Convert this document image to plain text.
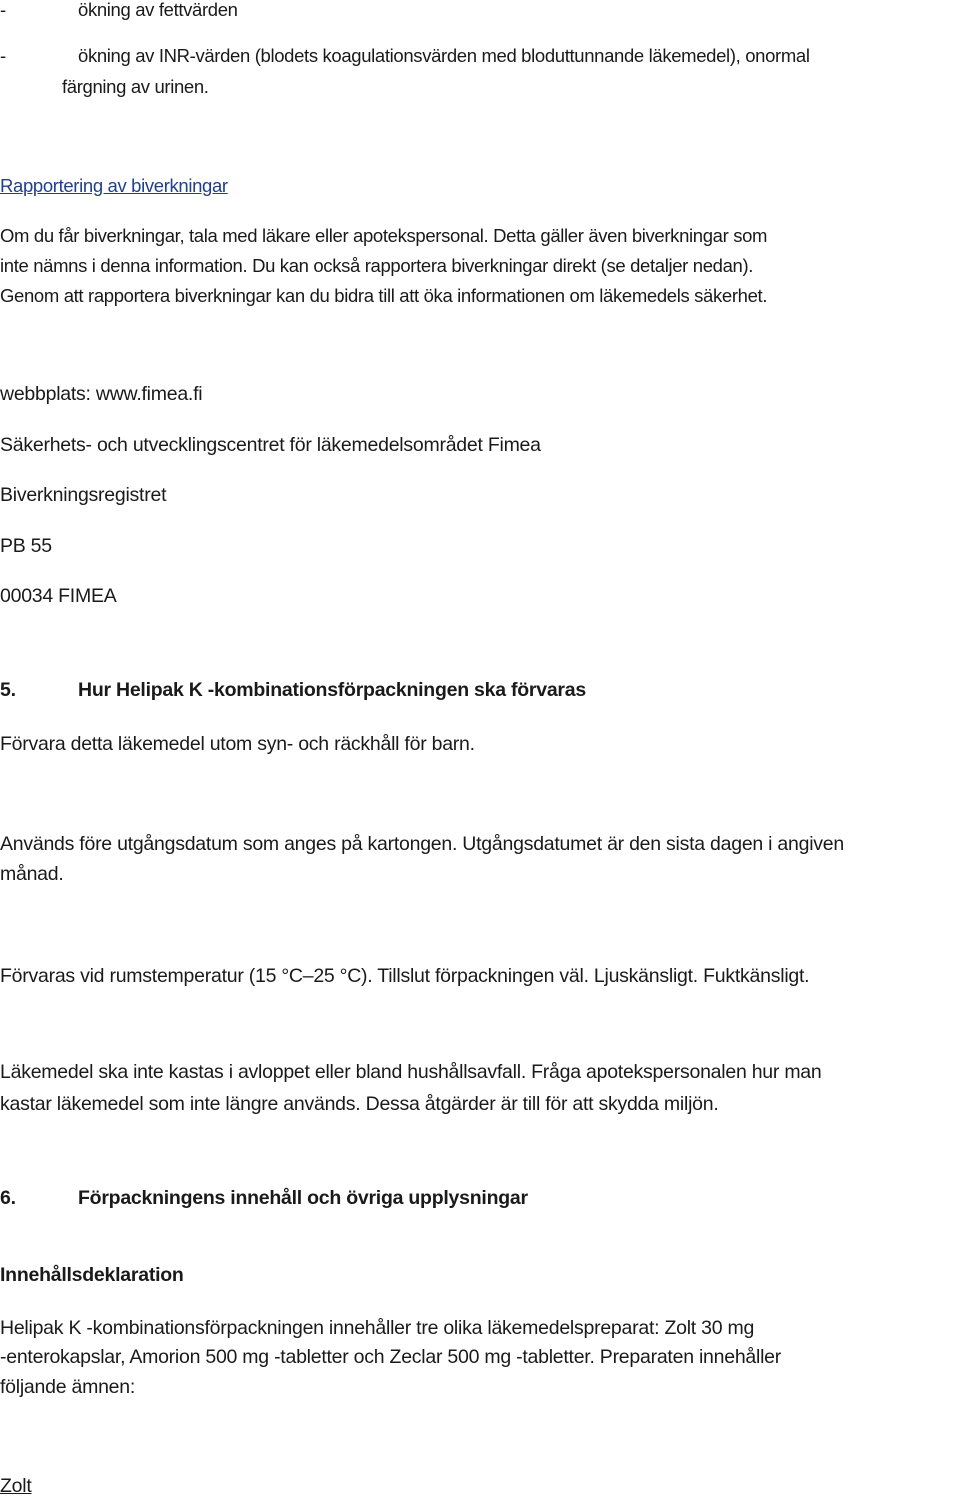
-	ökning av fettvärden
-	ökning av INR-värden (blodets koagulationsvärden med bloduttunnande läkemedel), onormal
färgning av urinen.
Rapportering av biverkningar
Om du får biverkningar, tala med läkare eller apotekspersonal. Detta gäller även biverkningar som
inte nämns i denna information. Du kan också rapportera biverkningar direkt (se detaljer nedan).
Genom att rapportera biverkningar kan du bidra till att öka informationen om läkemedels säkerhet.
webbplats: www.fimea.fi
Säkerhets- och utvecklingscentret för läkemedelsområdet Fimea
Biverkningsregistret
PB 55
00034 FIMEA
5.	Hur Helipak K -kombinationsförpackningen ska förvaras
Förvara detta läkemedel utom syn- och räckhåll för barn.
Används före utgångsdatum som anges på kartongen. Utgångsdatumet är den sista dagen i angiven
månad.
Förvaras vid rumstemperatur (15 °C–25 °C). Tillslut förpackningen väl. Ljuskänsligt. Fuktkänsligt.
Läkemedel ska inte kastas i avloppet eller bland hushållsavfall. Fråga apotekspersonalen hur man
kastar läkemedel som inte längre används. Dessa åtgärder är till för att skydda miljön.
6.	Förpackningens innehåll och övriga upplysningar
Innehållsdeklaration
Helipak K -kombinationsförpackningen innehåller tre olika läkemedelspreparat: Zolt 30 mg
-enterokapslar, Amorion 500 mg -tabletter och Zeclar 500 mg -tabletter. Preparaten innehåller
följande ämnen:
Zolt
